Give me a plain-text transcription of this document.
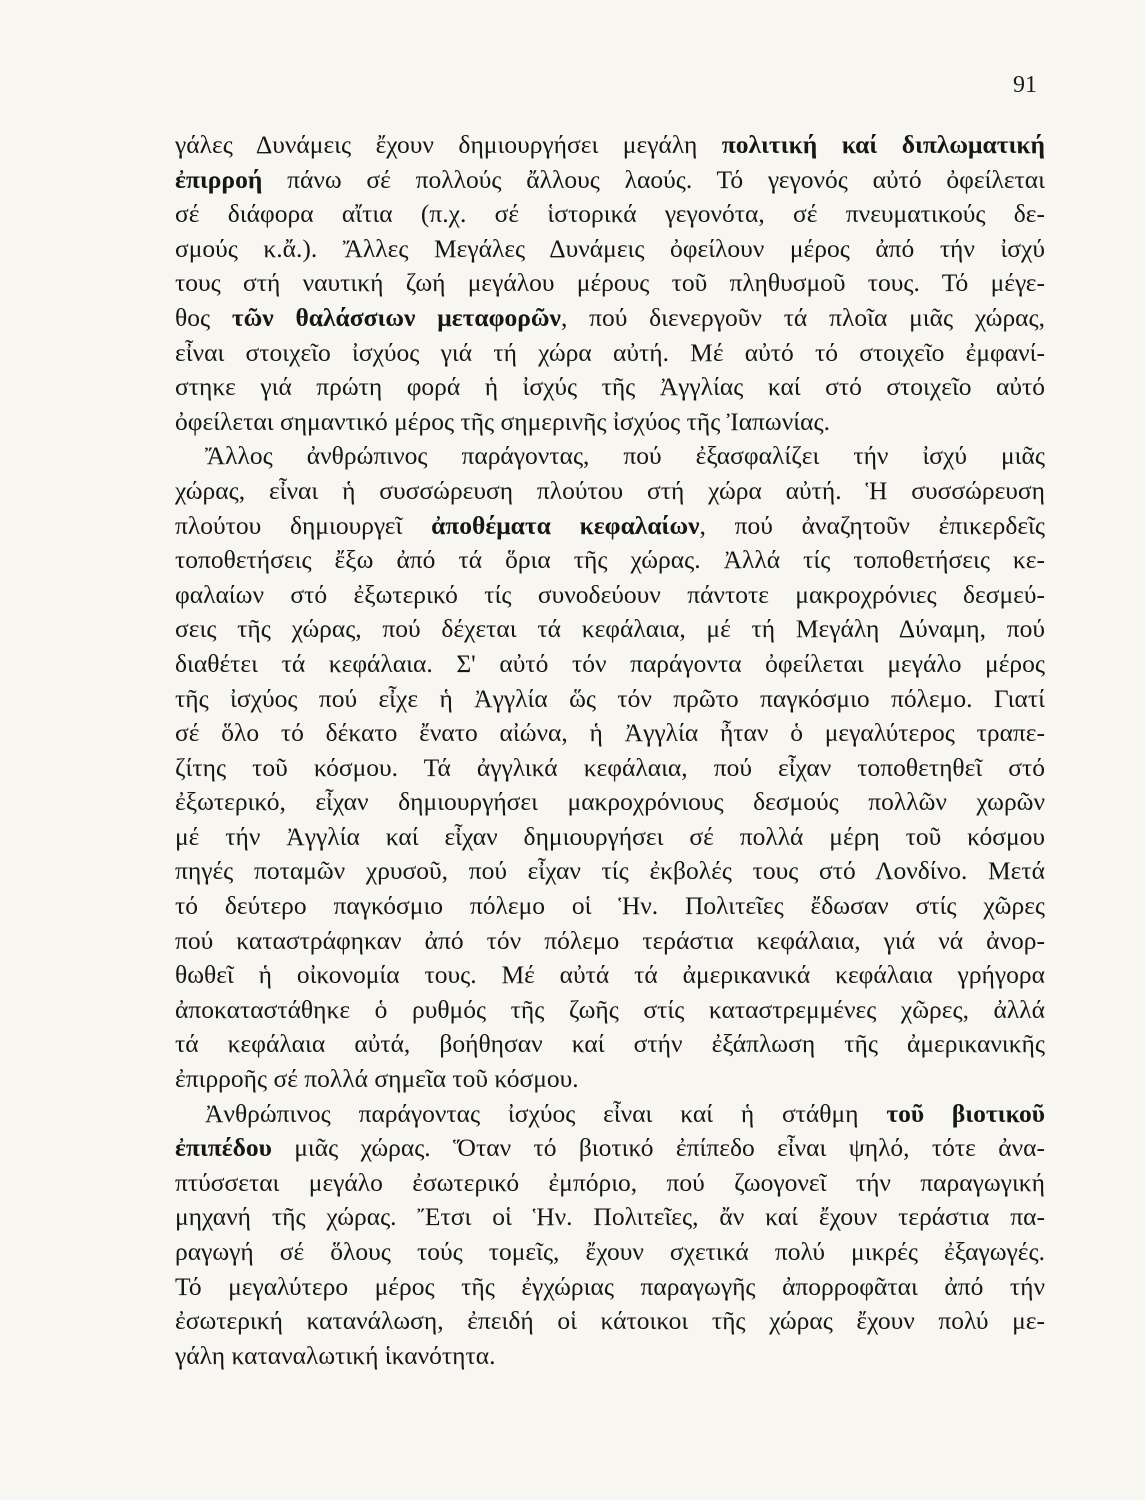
91
γάλες Δυνάμεις ἔχουν δημιουργήσει μεγάλη πολιτική καί διπλωματική
ἐπιρροή πάνω σέ πολλούς ἄλλους λαούς. Τό γεγονός αὐτό ὀφείλεται
σέ διάφορα αἴτια (π.χ. σέ ἱστορικά γεγονότα, σέ πνευματικούς δε-
σμούς κ.ἄ.). Ἄλλες Μεγάλες Δυνάμεις ὀφείλουν μέρος ἀπό τήν ἰσχύ
τους στή ναυτική ζωή μεγάλου μέρους τοῦ πληθυσμοῦ τους. Τό μέγε-
θος τῶν θαλάσσιων μεταφορῶν, πού διενεργοῦν τά πλοῖα μιᾶς χώρας,
εἶναι στοιχεῖο ἰσχύος γιά τή χώρα αὐτή. Μέ αὐτό τό στοιχεῖο ἐμφανί-
στηκε γιά πρώτη φορά ἡ ἰσχύς τῆς Ἀγγλίας καί στό στοιχεῖο αὐτό
ὀφείλεται σημαντικό μέρος τῆς σημερινῆς ἰσχύος τῆς Ἰαπωνίας.
Ἄλλος ἀνθρώπινος παράγοντας, πού ἐξασφαλίζει τήν ἰσχύ μιᾶς
χώρας, εἶναι ἡ συσσώρευση πλούτου στή χώρα αὐτή. Ἡ συσσώρευση
πλούτου δημιουργεῖ ἀποθέματα κεφαλαίων, πού ἀναζητοῦν ἐπικερδεῖς
τοποθετήσεις ἔξω ἀπό τά ὅρια τῆς χώρας. Ἀλλά τίς τοποθετήσεις κε-
φαλαίων στό ἐξωτερικό τίς συνοδεύουν πάντοτε μακροχρόνιες δεσμεύ-
σεις τῆς χώρας, πού δέχεται τά κεφάλαια, μέ τή Μεγάλη Δύναμη, πού
διαθέτει τά κεφάλαια. Σ' αὐτό τόν παράγοντα ὀφείλεται μεγάλο μέρος
τῆς ἰσχύος πού εἶχε ἡ Ἀγγλία ὥς τόν πρῶτο παγκόσμιο πόλεμο. Γιατί
σέ ὅλο τό δέκατο ἔνατο αἰώνα, ἡ Ἀγγλία ἦταν ὁ μεγαλύτερος τραπε-
ζίτης τοῦ κόσμου. Τά ἀγγλικά κεφάλαια, πού εἶχαν τοποθετηθεῖ στό
ἐξωτερικό, εἶχαν δημιουργήσει μακροχρόνιους δεσμούς πολλῶν χωρῶν
μέ τήν Ἀγγλία καί εἶχαν δημιουργήσει σέ πολλά μέρη τοῦ κόσμου
πηγές ποταμῶν χρυσοῦ, πού εἶχαν τίς ἐκβολές τους στό Λονδίνο. Μετά
τό δεύτερο παγκόσμιο πόλεμο οἱ Ἡν. Πολιτεῖες ἔδωσαν στίς χῶρες
πού καταστράφηκαν ἀπό τόν πόλεμο τεράστια κεφάλαια, γιά νά ἀνορ-
θωθεῖ ἡ οἰκονομία τους. Μέ αὐτά τά ἀμερικανικά κεφάλαια γρήγορα
ἀποκαταστάθηκε ὁ ρυθμός τῆς ζωῆς στίς καταστρεμμένες χῶρες, ἀλλά
τά κεφάλαια αὐτά, βοήθησαν καί στήν ἐξάπλωση τῆς ἀμερικανικῆς
ἐπιρροῆς σέ πολλά σημεῖα τοῦ κόσμου.
Ἀνθρώπινος παράγοντας ἰσχύος εἶναι καί ἡ στάθμη τοῦ βιοτικοῦ
ἐπιπέδου μιᾶς χώρας. Ὅταν τό βιοτικό ἐπίπεδο εἶναι ψηλό, τότε ἀνα-
πτύσσεται μεγάλο ἐσωτερικό ἐμπόριο, πού ζωογονεῖ τήν παραγωγική
μηχανή τῆς χώρας. Ἔτσι οἱ Ἡν. Πολιτεῖες, ἄν καί ἔχουν τεράστια πα-
ραγωγή σέ ὅλους τούς τομεῖς, ἔχουν σχετικά πολύ μικρές ἐξαγωγές.
Τό μεγαλύτερο μέρος τῆς ἐγχώριας παραγωγῆς ἀπορροφᾶται ἀπό τήν
ἐσωτερική κατανάλωση, ἐπειδή οἱ κάτοικοι τῆς χώρας ἔχουν πολύ με-
γάλη καταναλωτική ἱκανότητα.
